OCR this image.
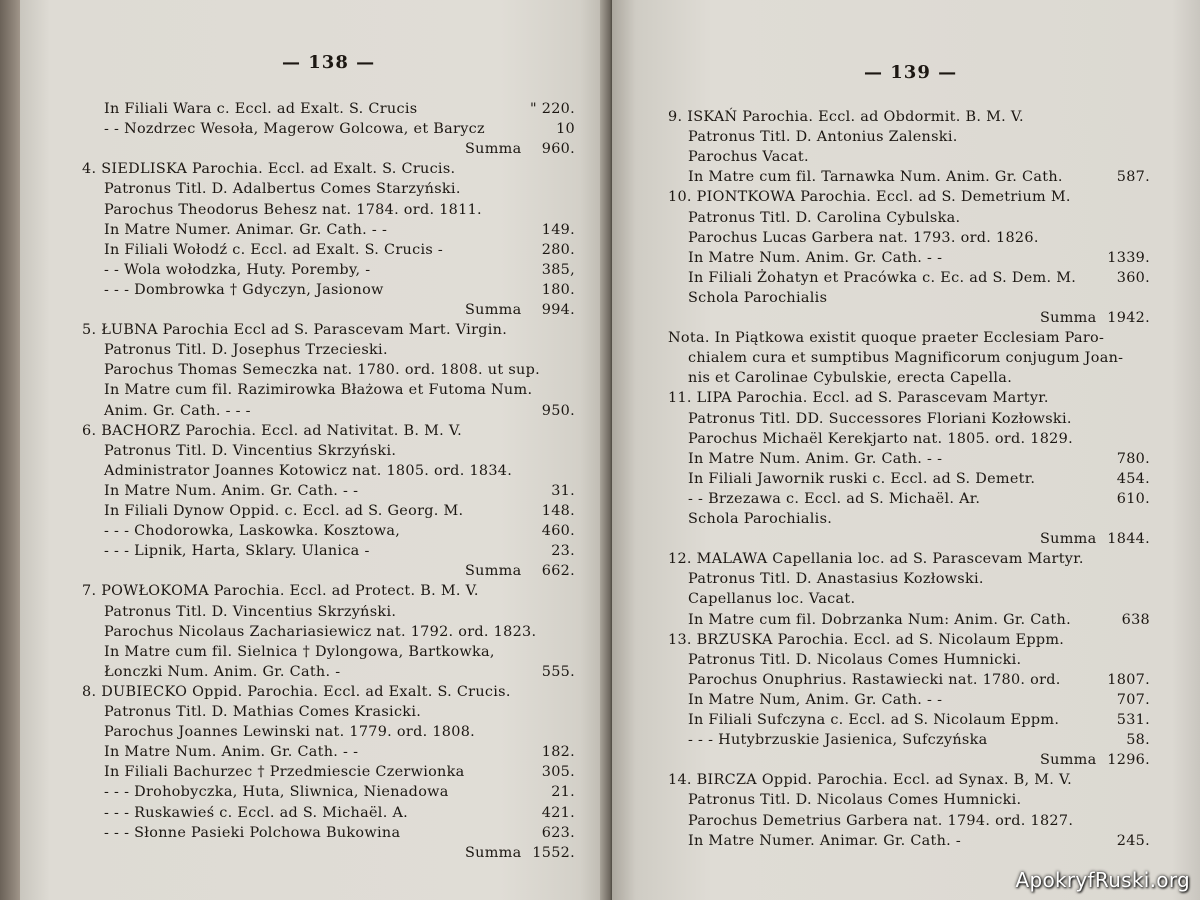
— 138 —
In Filiali Wara c. Eccl. ad Exalt. S. Crucis	" 220.
- - Nozdrzec Wesoła, Magerow Golcowa, et Barycz	10
Summa 960.
4. SIEDLISKA Parochia. Eccl. ad Exalt. S. Crucis.
Patronus Titl. D. Adalbertus Comes Starzyński.
Parochus Theodorus Behesz nat. 1784. ord. 1811.
In Matre Numer. Animar. Gr. Cath. - -	149.
In Filiali Wołodź c. Eccl. ad Exalt. S. Crucis -	280.
- - Wola wołodzka, Huty. Poremby, -	385,
- - - Dombrowka † Gdyczyn, Jasionow	180.
Summa 994.
5. ŁUBNA Parochia Eccl ad S. Parascevam Mart. Virgin.
Patronus Titl. D. Josephus Trzecieski.
Parochus Thomas Semeczka nat. 1780. ord. 1808. ut sup.
In Matre cum fil. Razimirowka Błażowa et Futoma Num.
Anim. Gr. Cath. - - -	950.
6. BACHORZ Parochia. Eccl. ad Nativitat. B. M. V.
Patronus Titl. D. Vincentius Skrzyński.
Administrator Joannes Kotowicz nat. 1805. ord. 1834.
In Matre Num. Anim. Gr. Cath. - -	31.
In Filiali Dynow Oppid. c. Eccl. ad S. Georg. M.	148.
- - - Chodorowka, Laskowka. Kosztowa,	460.
- - - Lipnik, Harta, Sklary. Ulanica -	23.
Summa 662.
7. POWŁOKOMA Parochia. Eccl. ad Protect. B. M. V.
Patronus Titl. D. Vincentius Skrzyński.
Parochus Nicolaus Zachariasiewicz nat. 1792. ord. 1823.
In Matre cum fil. Sielnica † Dylongowa, Bartkowka,
Łonczki Num. Anim. Gr. Cath. -	555.
8. DUBIECKO Oppid. Parochia. Eccl. ad Exalt. S. Crucis.
Patronus Titl. D. Mathias Comes Krasicki.
Parochus Joannes Lewinski nat. 1779. ord. 1808.
In Matre Num. Anim. Gr. Cath. - -	182.
In Filiali Bachurzec † Przedmiescie Czerwionka	305.
- - - Drohobyczka, Huta, Sliwnica, Nienadowa	21.
- - - Ruskawieś c. Eccl. ad S. Michaël. A.	421.
- - - Słonne Pasieki Polchowa Bukowina	623.
Summa 1552.
— 139 —
9. ISKAŃ Parochia. Eccl. ad Obdormit. B. M. V.
Patronus Titl. D. Antonius Zalenski.
Parochus Vacat.
In Matre cum fil. Tarnawka Num. Anim. Gr. Cath.	587.
10. PIONTKOWA Parochia. Eccl. ad S. Demetrium M.
Patronus Titl. D. Carolina Cybulska.
Parochus Lucas Garbera nat. 1793. ord. 1826.
In Matre Num. Anim. Gr. Cath. - -	1339.
In Filiali Żohatyn et Pracówka c. Ec. ad S. Dem. M.	360.
Schola Parochialis
Summa 1942.
Nota. In Piątkowa existit quoque praeter Ecclesiam Paro-
chialem cura et sumptibus Magnificorum conjugum Joan-
nis et Carolinae Cybulskie, erecta Capella.
11. LIPA Parochia. Eccl. ad S. Parascevam Martyr.
Patronus Titl. DD. Successores Floriani Kozłowski.
Parochus Michaël Kerekjarto nat. 1805. ord. 1829.
In Matre Num. Anim. Gr. Cath. - -	780.
In Filiali Jawornik ruski c. Eccl. ad S. Demetr.	454.
- - Brzezawa c. Eccl. ad S. Michaël. Ar.	610.
Schola Parochialis.
Summa 1844.
12. MALAWA Capellania loc. ad S. Parascevam Martyr.
Patronus Titl. D. Anastasius Kozłowski.
Capellanus loc. Vacat.
In Matre cum fil. Dobrzanka Num: Anim. Gr. Cath.	638
13. BRZUSKA Parochia. Eccl. ad S. Nicolaum Eppm.
Patronus Titl. D. Nicolaus Comes Humnicki.
Parochus Onuphrius. Rastawiecki nat. 1780. ord.	1807.
In Matre Num, Anim. Gr. Cath. - -	707.
In Filiali Sufczyna c. Eccl. ad S. Nicolaum Eppm.	531.
- - - Hutybrzuskie Jasienica, Sufczyńska	58.
Summa 1296.
14. BIRCZA Oppid. Parochia. Eccl. ad Synax. B, M. V.
Patronus Titl. D. Nicolaus Comes Humnicki.
Parochus Demetrius Garbera nat. 1794. ord. 1827.
In Matre Numer. Animar. Gr. Cath. -	245.
ApokryfRuski.org
